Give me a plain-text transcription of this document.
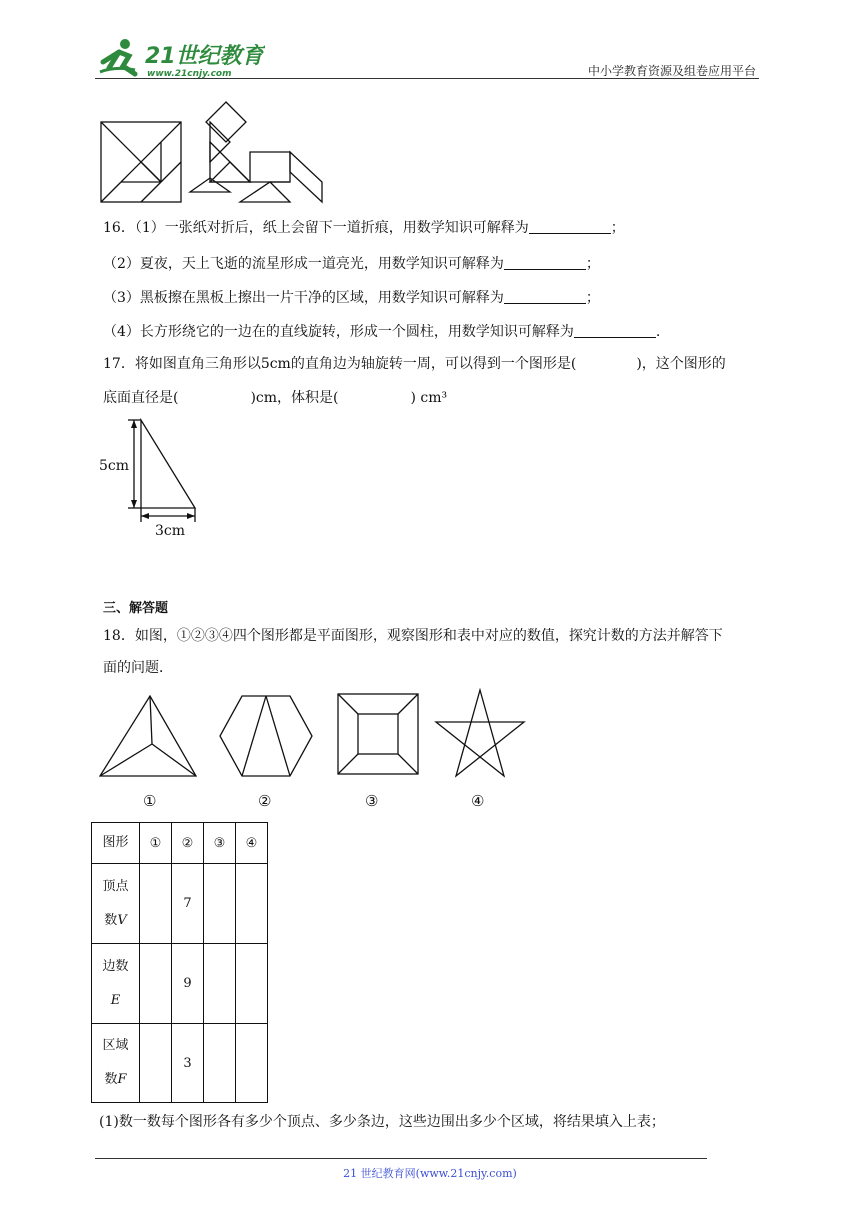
21世纪教育
www.21cnjy.com	中小学教育资源及组卷应用平台
16．（1）一张纸对折后，纸上会留下一道折痕，用数学知识可解释为	；
（2）夏夜，天上飞逝的流星形成一道亮光，用数学知识可解释为	；
（3）黑板擦在黑板上擦出一片干净的区域，用数学知识可解释为	；
（4）长方形绕它的一边在的直线旋转，形成一个圆柱，用数学知识可解释为	.
17．将如图直角三角形以5cm的直角边为轴旋转一周，可以得到一个图形是(	)，这个图形的
底面直径是(	)cm，体积是(	) cm³
5cm
3cm
三、解答题
18．如图，①②③④四个图形都是平面图形，观察图形和表中对应的数值，探究计数的方法并解答下
面的问题．
①	②	③	④
图形	①	②	③	④

顶点
数V		7		

边数
E		9		

区域
数F		3		
(1)数一数每个图形各有多少个顶点、多少条边，这些边围出多少个区域，将结果填入上表；
21 世纪教育网(www.21cnjy.com)
